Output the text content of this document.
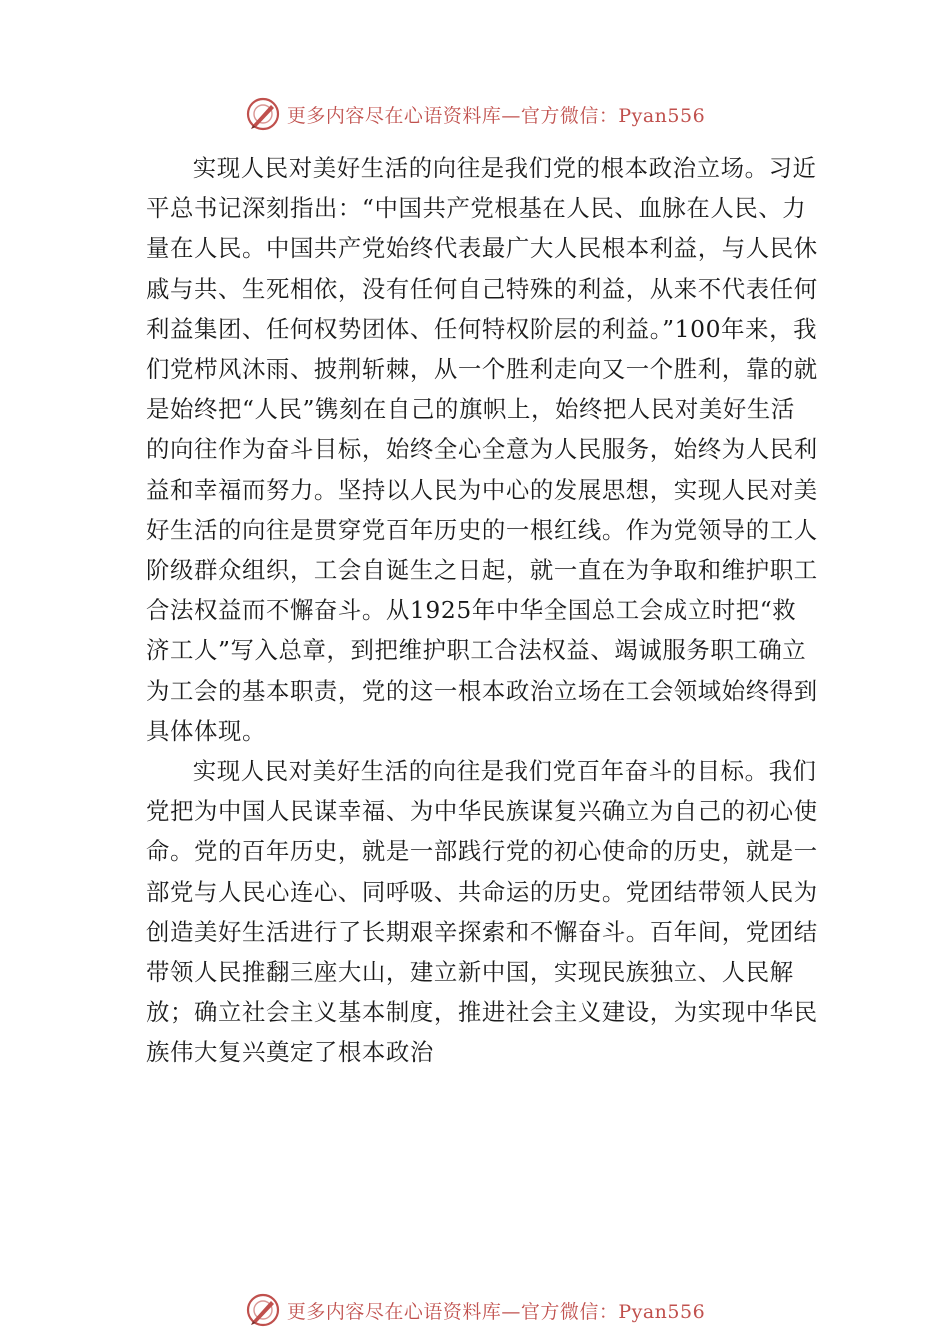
更多内容尽在心语资料库—官方微信：Pyan556

实现人民对美好生活的向往是我们党的根本政治立场。习近平总书记深刻指出：“中国共产党根基在人民、血脉在人民、力量在人民。中国共产党始终代表最广大人民根本利益，与人民休戚与共、生死相依，没有任何自己特殊的利益，从来不代表任何利益集团、任何权势团体、任何特权阶层的利益。”100年来，我们党栉风沐雨、披荆斩棘，从一个胜利走向又一个胜利，靠的就是始终把“人民”镌刻在自己的旗帜上，始终把人民对美好生活的向往作为奋斗目标，始终全心全意为人民服务，始终为人民利益和幸福而努力。坚持以人民为中心的发展思想，实现人民对美好生活的向往是贯穿党百年历史的一根红线。作为党领导的工人阶级群众组织，工会自诞生之日起，就一直在为争取和维护职工合法权益而不懈奋斗。从1925年中华全国总工会成立时把“救济工人”写入总章，到把维护职工合法权益、竭诚服务职工确立为工会的基本职责，党的这一根本政治立场在工会领域始终得到具体体现。

实现人民对美好生活的向往是我们党百年奋斗的目标。我们党把为中国人民谋幸福、为中华民族谋复兴确立为自己的初心使命。党的百年历史，就是一部践行党的初心使命的历史，就是一部党与人民心连心、同呼吸、共命运的历史。党团结带领人民为创造美好生活进行了长期艰辛探索和不懈奋斗。百年间，党团结带领人民推翻三座大山，建立新中国，实现民族独立、人民解放；确立社会主义基本制度，推进社会主义建设，为实现中华民族伟大复兴奠定了根本政治

更多内容尽在心语资料库—官方微信：Pyan556
